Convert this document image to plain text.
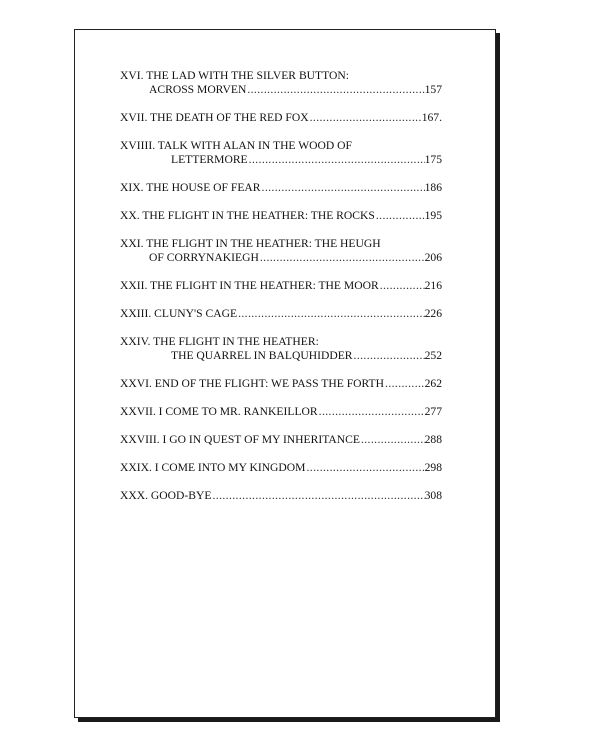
XVI. THE LAD WITH THE SILVER BUTTON:
ACROSS MORVEN .....	157
XVII. THE DEATH OF THE RED FOX .....	167.
XVIIII. TALK WITH ALAN IN THE WOOD OF
LETTERMORE .....	175
XIX. THE HOUSE OF FEAR .....	186
XX. THE FLIGHT IN THE HEATHER: THE ROCKS .....	195
XXI. THE FLIGHT IN THE HEATHER: THE HEUGH
OF CORRYNAKIEGH .....	206
XXII. THE FLIGHT IN THE HEATHER: THE MOOR .....	216
XXIII. CLUNY'S CAGE .....	226
XXIV. THE FLIGHT IN THE HEATHER:
THE QUARREL IN BALQUHIDDER .....	252
XXVI. END OF THE FLIGHT: WE PASS THE FORTH .....	262
XXVII. I COME TO MR. RANKEILLOR .....	277
XXVIII. I GO IN QUEST OF MY INHERITANCE .....	288
XXIX. I COME INTO MY KINGDOM .....	298
XXX. GOOD-BYE .....	308
